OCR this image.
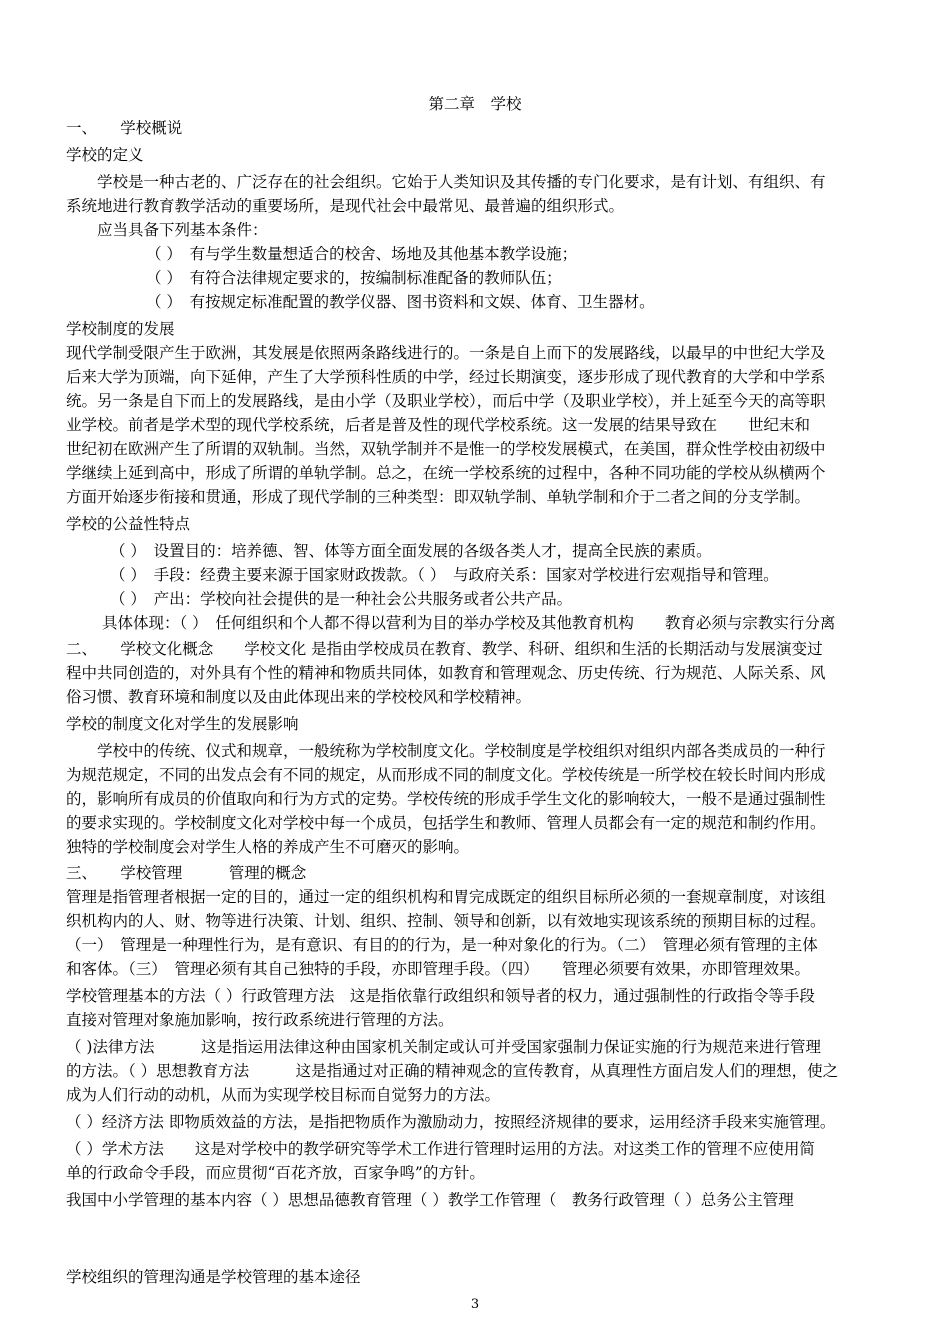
第二章　学校
一、　　学校概说
学校的定义
　　学校是一种古老的、广泛存在的社会组织。它始于人类知识及其传播的专门化要求，是有计划、有组织、有
系统地进行教育教学活动的重要场所，是现代社会中最常见、最普遍的组织形式。
　　应当具备下列基本条件：
（ ）　有与学生数量想适合的校舍、场地及其他基本教学设施；
（ ）　有符合法律规定要求的，按编制标准配备的教师队伍；
（ ）　有按规定标准配置的教学仪器、图书资料和文娱、体育、卫生器材。
学校制度的发展
现代学制受限产生于欧洲，其发展是依照两条路线进行的。一条是自上而下的发展路线，以最早的中世纪大学及
后来大学为顶端，向下延伸，产生了大学预科性质的中学，经过长期演变，逐步形成了现代教育的大学和中学系
统。另一条是自下而上的发展路线，是由小学（及职业学校），而后中学（及职业学校），并上延至今天的高等职
业学校。前者是学术型的现代学校系统，后者是普及性的现代学校系统。这一发展的结果导致在　　世纪末和
世纪初在欧洲产生了所谓的双轨制。当然，双轨学制并不是惟一的学校发展模式，在美国，群众性学校由初级中
学继续上延到高中，形成了所谓的单轨学制。总之，在统一学校系统的过程中，各种不同功能的学校从纵横两个
方面开始逐步衔接和贯通，形成了现代学制的三种类型：即双轨学制、单轨学制和介于二者之间的分支学制。
学校的公益性特点
（ ）　设置目的：培养德、智、体等方面全面发展的各级各类人才，提高全民族的素质。
（ ）　手段：经费主要来源于国家财政拨款。（ ）　与政府关系：国家对学校进行宏观指导和管理。
（ ）　产出：学校向社会提供的是一种社会公共服务或者公共产品。
具体体现：（ ）　任何组织和个人都不得以营利为目的举办学校及其他教育机构　　教育必须与宗教实行分离
二、　　学校文化概念　　学校文化 是指由学校成员在教育、教学、科研、组织和生活的长期活动与发展演变过
程中共同创造的，对外具有个性的精神和物质共同体，如教育和管理观念、历史传统、行为规范、人际关系、风
俗习惯、教育环境和制度以及由此体现出来的学校校风和学校精神。
学校的制度文化对学生的发展影响
　　学校中的传统、仪式和规章，一般统称为学校制度文化。学校制度是学校组织对组织内部各类成员的一种行
为规范规定，不同的出发点会有不同的规定，从而形成不同的制度文化。学校传统是一所学校在较长时间内形成
的，影响所有成员的价值取向和行为方式的定势。学校传统的形成手学生文化的影响较大，一般不是通过强制性
的要求实现的。学校制度文化对学校中每一个成员，包括学生和教师、管理人员都会有一定的规范和制约作用。
独特的学校制度会对学生人格的养成产生不可磨灭的影响。
三、　　学校管理　　　管理的概念
管理是指管理者根据一定的目的，通过一定的组织机构和胃完成既定的组织目标所必须的一套规章制度，对该组
织机构内的人、财、物等进行决策、计划、组织、控制、领导和创新，以有效地实现该系统的预期目标的过程。
（一）　管理是一种理性行为，是有意识、有目的的行为，是一种对象化的行为。（二）　管理必须有管理的主体
和客体。（三）　管理必须有其自己独特的手段，亦即管理手段。（四）　　管理必须要有效果，亦即管理效果。
学校管理基本的方法（ ）行政管理方法　这是指依靠行政组织和领导者的权力，通过强制性的行政指令等手段
直接对管理对象施加影响，按行政系统进行管理的方法。
（ )法律方法　　　这是指运用法律这种由国家机关制定或认可并受国家强制力保证实施的行为规范来进行管理
的方法。（ ）思想教育方法　　　这是指通过对正确的精神观念的宣传教育，从真理性方面启发人们的理想，使之
成为人们行动的动机，从而为实现学校目标而自觉努力的方法。
（ ）经济方法 即物质效益的方法，是指把物质作为激励动力，按照经济规律的要求，运用经济手段来实施管理。
（ ）学术方法　　这是对学校中的教学研究等学术工作进行管理时运用的方法。对这类工作的管理不应使用简
单的行政命令手段，而应贯彻“百花齐放，百家争鸣”的方针。
我国中小学管理的基本内容（ ）思想品德教育管理（ ）教学工作管理（　教务行政管理（ ）总务公主管理
学校组织的管理沟通是学校管理的基本途径
3
